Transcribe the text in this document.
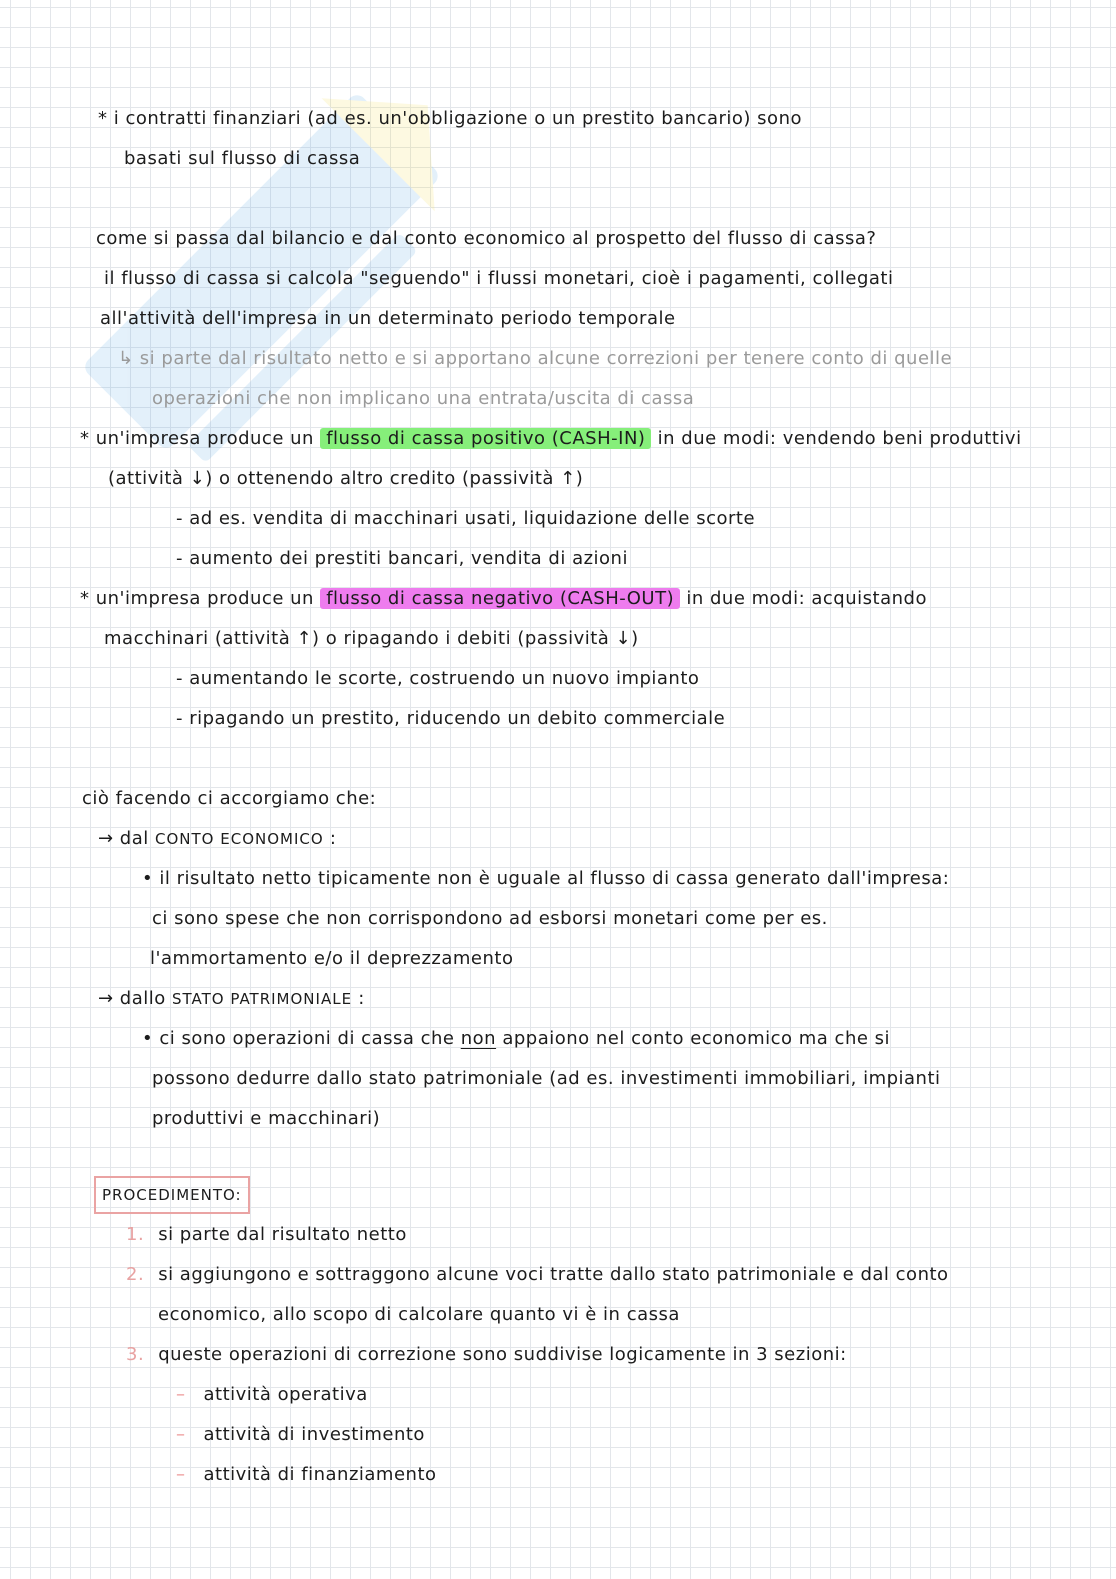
* i contratti finanziari (ad es. un'obbligazione o un prestito bancario) sono
basati sul flusso di cassa
come si passa dal bilancio e dal conto economico al prospetto del flusso di cassa?
il flusso di cassa si calcola "seguendo" i flussi monetari, cioè i pagamenti, collegati
all'attività dell'impresa in un determinato periodo temporale
↳ si parte dal risultato netto e si apportano alcune correzioni per tenere conto di quelle
operazioni che non implicano una entrata/uscita di cassa
* un'impresa produce un flusso di cassa positivo (CASH-IN) in due modi: vendendo beni produttivi
(attività ↓) o ottenendo altro credito (passività ↑)
- ad es. vendita di macchinari usati, liquidazione delle scorte
- aumento dei prestiti bancari, vendita di azioni
* un'impresa produce un flusso di cassa negativo (CASH-OUT) in due modi: acquistando
macchinari (attività ↑) o ripagando i debiti (passività ↓)
- aumentando le scorte, costruendo un nuovo impianto
- ripagando un prestito, riducendo un debito commerciale
ciò facendo ci accorgiamo che:
→ dal CONTO ECONOMICO :
• il risultato netto tipicamente non è uguale al flusso di cassa generato dall'impresa:
ci sono spese che non corrispondono ad esborsi monetari come per es.
l'ammortamento e/o il deprezzamento
→ dallo STATO PATRIMONIALE :
• ci sono operazioni di cassa che non appaiono nel conto economico ma che si
possono dedurre dallo stato patrimoniale (ad es. investimenti immobiliari, impianti
produttivi e macchinari)
PROCEDIMENTO:
1. si parte dal risultato netto
2. si aggiungono e sottraggono alcune voci tratte dallo stato patrimoniale e dal conto
economico, allo scopo di calcolare quanto vi è in cassa
3. queste operazioni di correzione sono suddivise logicamente in 3 sezioni:
– attività operativa
– attività di investimento
– attività di finanziamento
